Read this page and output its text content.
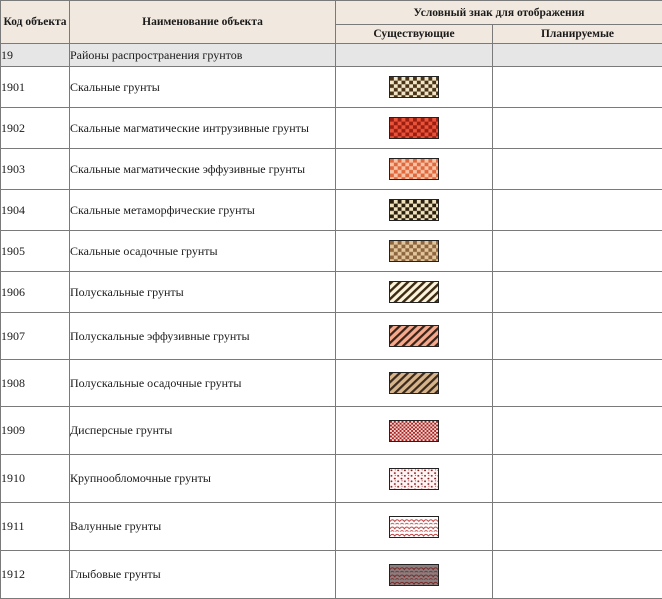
Код объекта	Наименование объекта	Условный знак для отображения	
		Существующие	Планируемые
19	Районы распространения грунтов		
1901	Скальные грунты

1902	Скальные магматические интрузивные грунты

1903	Скальные магматические эффузивные грунты

1904	Скальные метаморфические грунты

1905	Скальные осадочные грунты

1906	Полускальные грунты

1907	Полускальные эффузивные грунты

1908	Полускальные осадочные грунты

1909	Дисперсные грунты

1910	Крупнообломочные грунты

1911	Валунные грунты

1912	Глыбовые грунты
